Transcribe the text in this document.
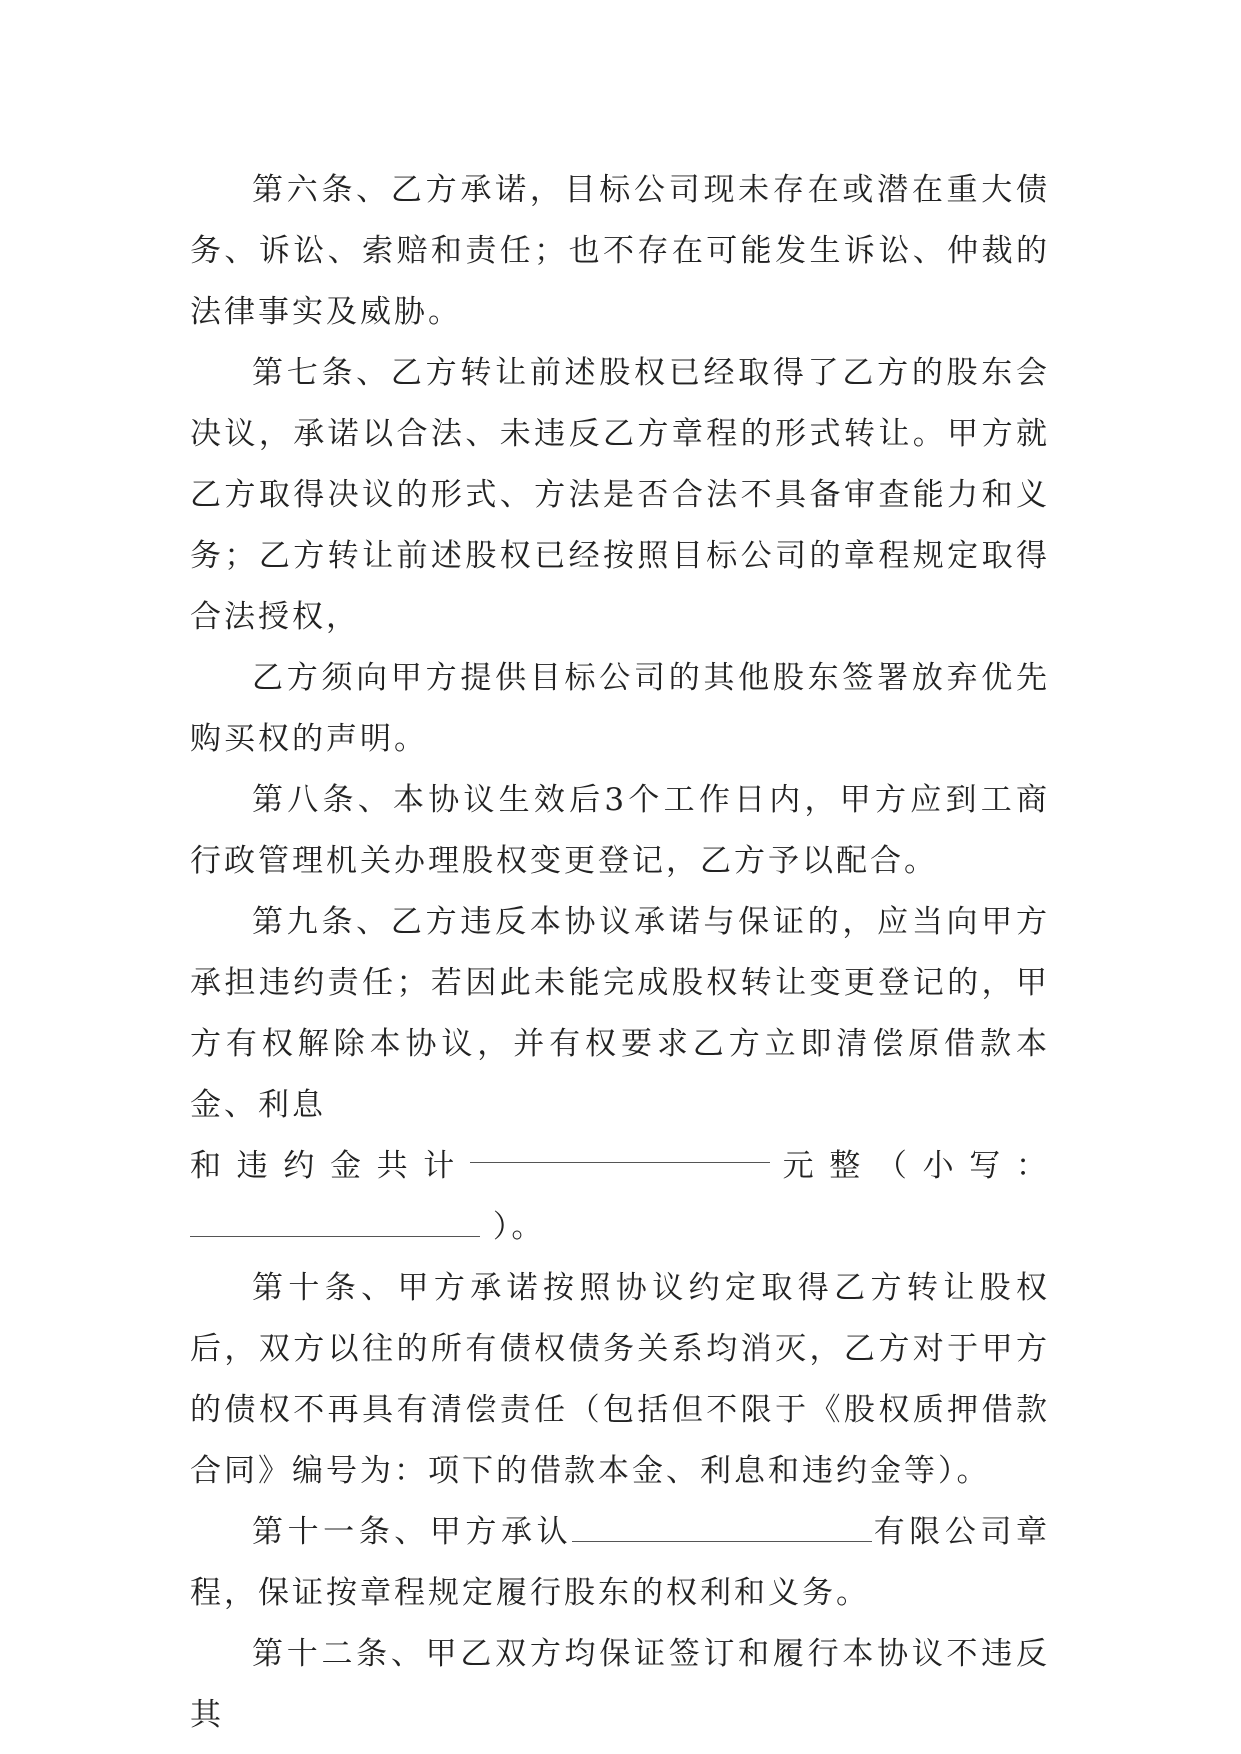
第六条、乙方承诺，目标公司现未存在或潜在重大债务、诉讼、索赔和责任；也不存在可能发生诉讼、仲裁的法律事实及威胁。

第七条、乙方转让前述股权已经取得了乙方的股东会决议，承诺以合法、未违反乙方章程的形式转让。甲方就乙方取得决议的形式、方法是否合法不具备审查能力和义务；乙方转让前述股权已经按照目标公司的章程规定取得合法授权，

乙方须向甲方提供目标公司的其他股东签署放弃优先购买权的声明。

第八条、本协议生效后3个工作日内，甲方应到工商行政管理机关办理股权变更登记，乙方予以配合。

第九条、乙方违反本协议承诺与保证的，应当向甲方承担违约责任；若因此未能完成股权转让变更登记的，甲方有权解除本协议，并有权要求乙方立即清偿原借款本金、利息

和 违 约 金 共 计	元 整 （ 小 写 ：
）。

第十条、甲方承诺按照协议约定取得乙方转让股权后，双方以往的所有债权债务关系均消灭，乙方对于甲方的债权不再具有清偿责任（包括但不限于《股权质押借款合同》编号为：项下的借款本金、利息和违约金等）。

第十一条、甲方承认	有限公司章程，保证按章程规定履行股东的权利和义务。

第十二条、甲乙双方均保证签订和履行本协议不违反其
